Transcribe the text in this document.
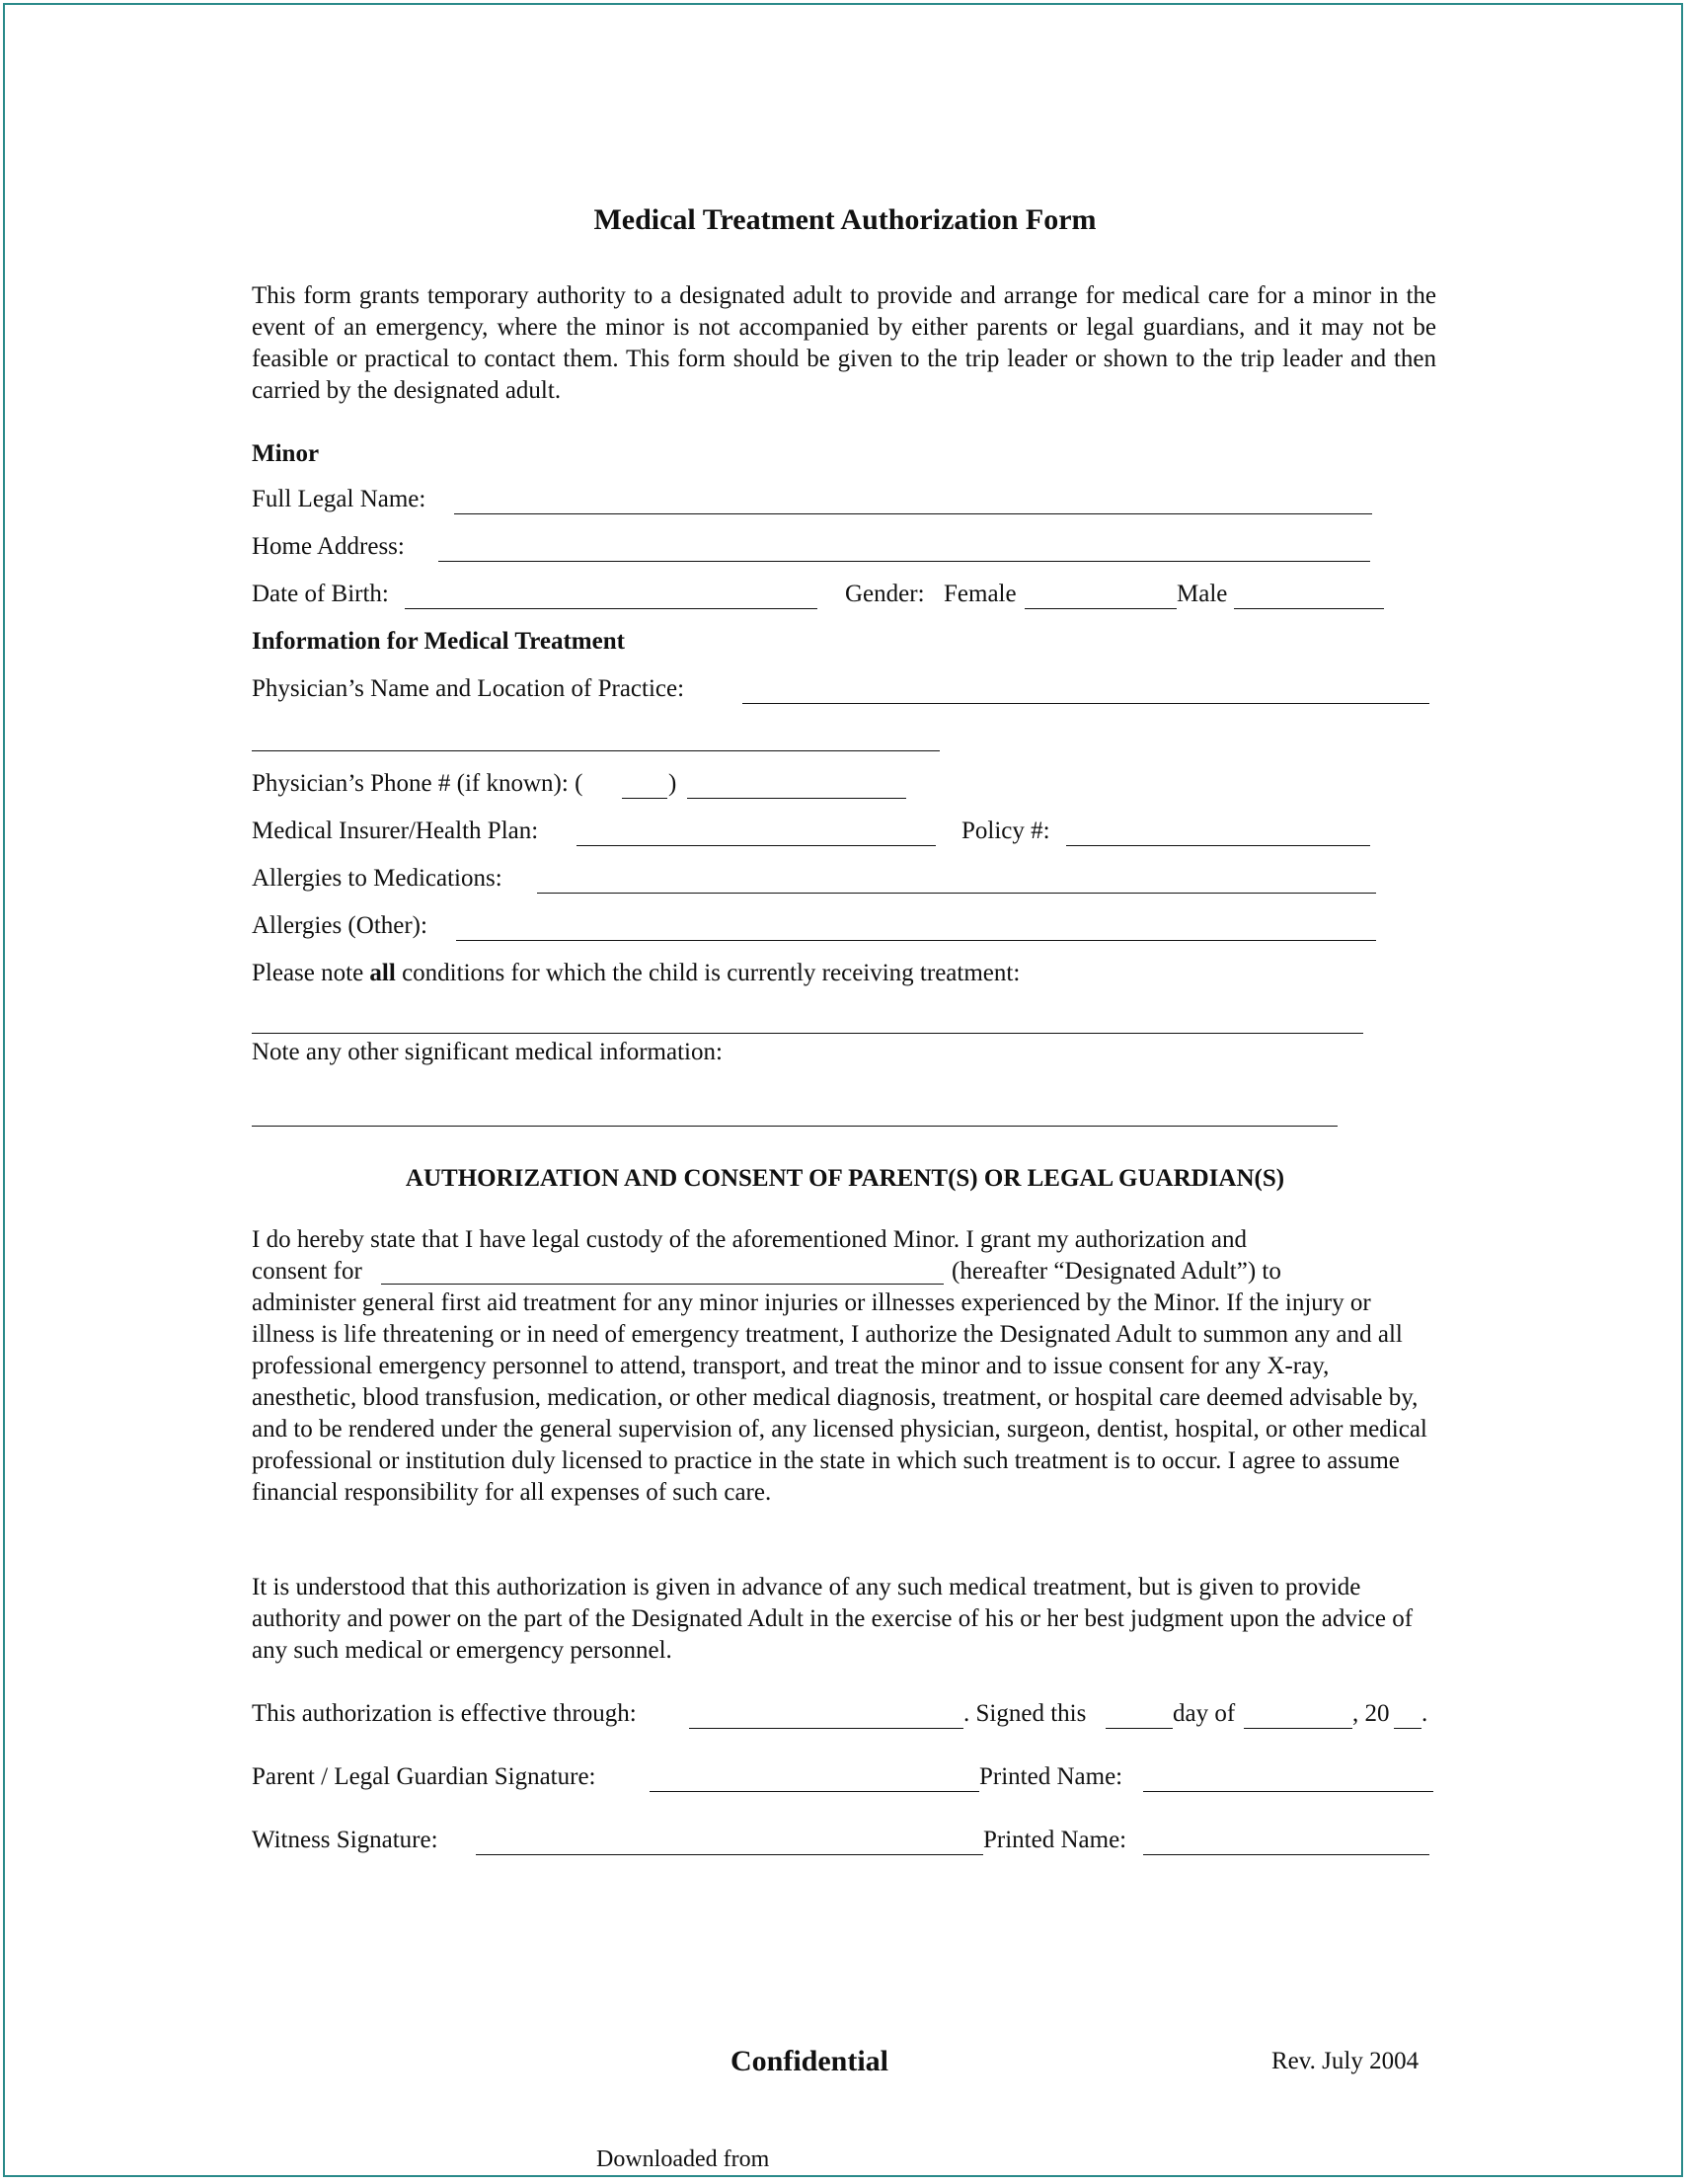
Medical Treatment Authorization Form
This form grants temporary authority to a designated adult to provide and arrange for medical care for a minor in the event of an emergency, where the minor is not accompanied by either parents or legal guardians, and it may not be feasible or practical to contact them. This form should be given to the trip leader or shown to the trip leader and then carried by the designated adult.
Minor
Full Legal Name:
Home Address:
Date of Birth:	Gender: Female	Male
Information for Medical Treatment
Physician’s Name and Location of Practice:
Physician’s Phone # (if known): (	)
Medical Insurer/Health Plan:	Policy #:
Allergies to Medications:
Allergies (Other):
Please note all conditions for which the child is currently receiving treatment:
Note any other significant medical information:
AUTHORIZATION AND CONSENT OF PARENT(S) OR LEGAL GUARDIAN(S)
I do hereby state that I have legal custody of the aforementioned Minor. I grant my authorization and
consent for	(hereafter “Designated Adult”) to
administer general first aid treatment for any minor injuries or illnesses experienced by the Minor. If the injury or illness is life threatening or in need of emergency treatment, I authorize the Designated Adult to summon any and all professional emergency personnel to attend, transport, and treat the minor and to issue consent for any X-ray, anesthetic, blood transfusion, medication, or other medical diagnosis, treatment, or hospital care deemed advisable by, and to be rendered under the general supervision of, any licensed physician, surgeon, dentist, hospital, or other medical professional or institution duly licensed to practice in the state in which such treatment is to occur. I agree to assume financial responsibility for all expenses of such care.
It is understood that this authorization is given in advance of any such medical treatment, but is given to provide authority and power on the part of the Designated Adult in the exercise of his or her best judgment upon the advice of any such medical or emergency personnel.
This authorization is effective through:	. Signed this	day of	, 20 .
Parent / Legal Guardian Signature:	Printed Name:
Witness Signature:	Printed Name:
Confidential	Rev. July 2004
Downloaded from
